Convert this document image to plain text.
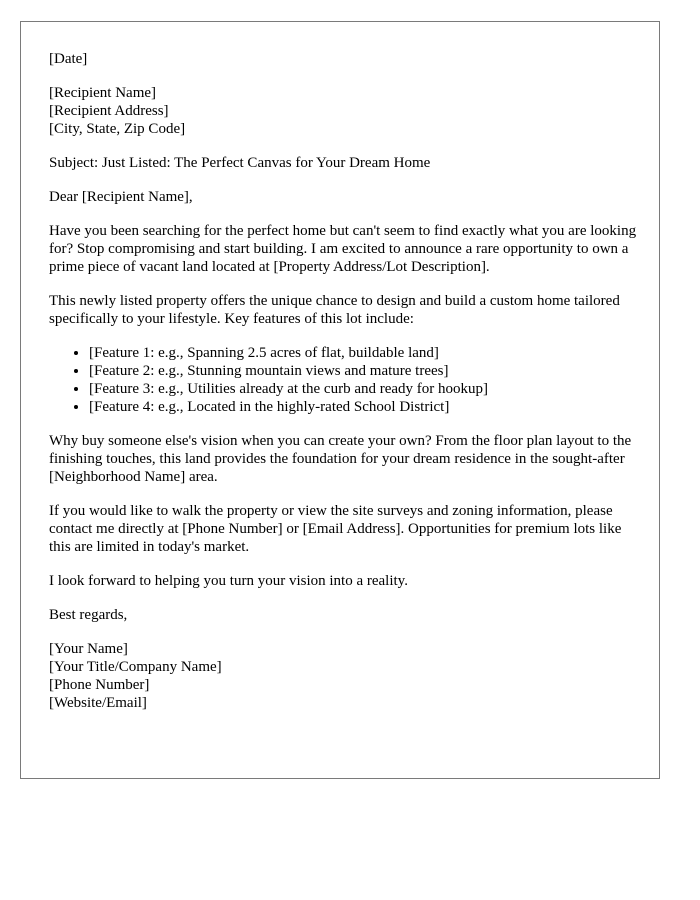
[Date]

[Recipient Name]
[Recipient Address]
[City, State, Zip Code]

Subject: Just Listed: The Perfect Canvas for Your Dream Home

Dear [Recipient Name],

Have you been searching for the perfect home but can't seem to find exactly what you are looking for? Stop compromising and start building. I am excited to announce a rare opportunity to own a prime piece of vacant land located at [Property Address/Lot Description].

This newly listed property offers the unique chance to design and build a custom home tailored specifically to your lifestyle. Key features of this lot include:

• [Feature 1: e.g., Spanning 2.5 acres of flat, buildable land]
• [Feature 2: e.g., Stunning mountain views and mature trees]
• [Feature 3: e.g., Utilities already at the curb and ready for hookup]
• [Feature 4: e.g., Located in the highly-rated School District]

Why buy someone else's vision when you can create your own? From the floor plan layout to the finishing touches, this land provides the foundation for your dream residence in the sought-after [Neighborhood Name] area.

If you would like to walk the property or view the site surveys and zoning information, please contact me directly at [Phone Number] or [Email Address]. Opportunities for premium lots like this are limited in today's market.

I look forward to helping you turn your vision into a reality.

Best regards,

[Your Name]
[Your Title/Company Name]
[Phone Number]
[Website/Email]
